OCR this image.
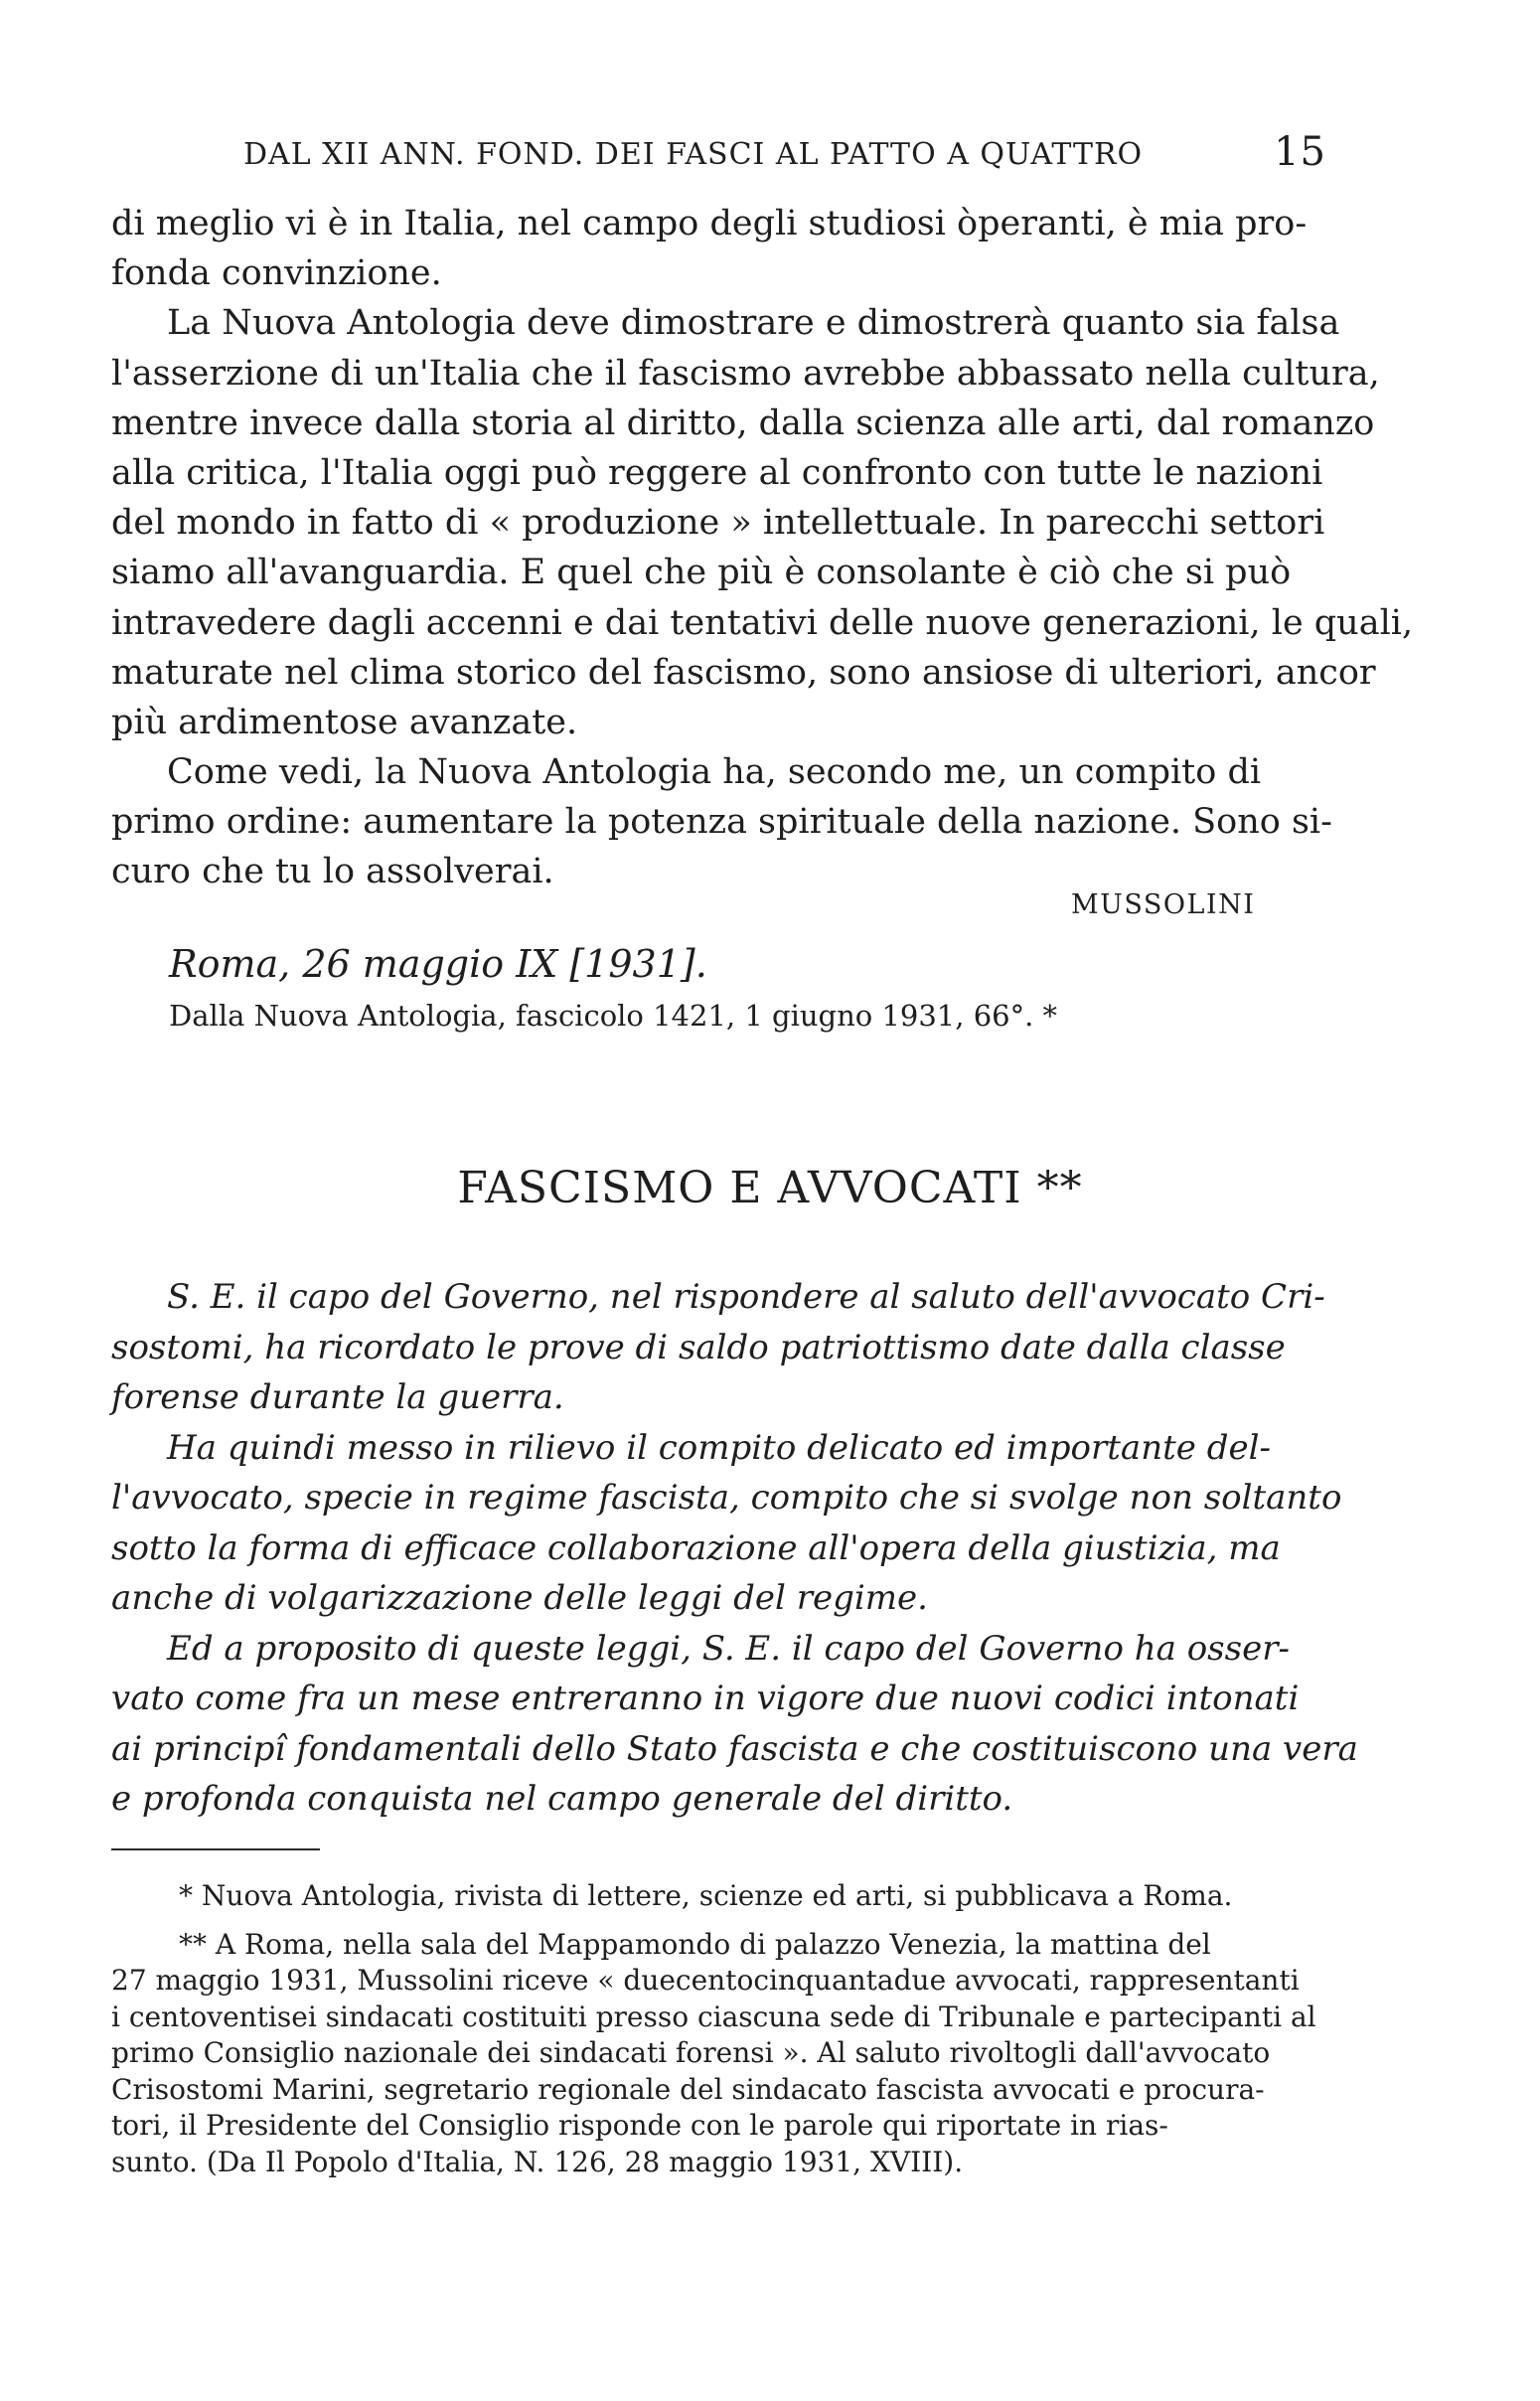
DAL XII ANN. FOND. DEI FASCI AL PATTO A QUATTRO	15
di meglio vi è in Italia, nel campo degli studiosi òperanti, è mia pro-
fonda convinzione.
La Nuova Antologia deve dimostrare e dimostrerà quanto sia falsa
l'asserzione di un'Italia che il fascismo avrebbe abbassato nella cultura,
mentre invece dalla storia al diritto, dalla scienza alle arti, dal romanzo
alla critica, l'Italia oggi può reggere al confronto con tutte le nazioni
del mondo in fatto di « produzione » intellettuale. In parecchi settori
siamo all'avanguardia. E quel che più è consolante è ciò che si può
intravedere dagli accenni e dai tentativi delle nuove generazioni, le quali,
maturate nel clima storico del fascismo, sono ansiose di ulteriori, ancor
più ardimentose avanzate.
Come vedi, la Nuova Antologia ha, secondo me, un compito di
primo ordine: aumentare la potenza spirituale della nazione. Sono si-
curo che tu lo assolverai.
MUSSOLINI
Roma, 26 maggio IX [1931].
Dalla Nuova Antologia, fascicolo 1421, 1 giugno 1931, 66°. *
FASCISMO E AVVOCATI **
S. E. il capo del Governo, nel rispondere al saluto dell'avvocato Cri-
sostomi, ha ricordato le prove di saldo patriottismo date dalla classe
forense durante la guerra.
Ha quindi messo in rilievo il compito delicato ed importante del-
l'avvocato, specie in regime fascista, compito che si svolge non soltanto
sotto la forma di efficace collaborazione all'opera della giustizia, ma
anche di volgarizzazione delle leggi del regime.
Ed a proposito di queste leggi, S. E. il capo del Governo ha osser-
vato come fra un mese entreranno in vigore due nuovi codici intonati
ai principî fondamentali dello Stato fascista e che costituiscono una vera
e profonda conquista nel campo generale del diritto.
* Nuova Antologia, rivista di lettere, scienze ed arti, si pubblicava a Roma.
** A Roma, nella sala del Mappamondo di palazzo Venezia, la mattina del
27 maggio 1931, Mussolini riceve « duecentocinquantadue avvocati, rappresentanti
i centoventisei sindacati costituiti presso ciascuna sede di Tribunale e partecipanti al
primo Consiglio nazionale dei sindacati forensi ». Al saluto rivoltogli dall'avvocato
Crisostomi Marini, segretario regionale del sindacato fascista avvocati e procura-
tori, il Presidente del Consiglio risponde con le parole qui riportate in rias-
sunto. (Da Il Popolo d'Italia, N. 126, 28 maggio 1931, XVIII).
